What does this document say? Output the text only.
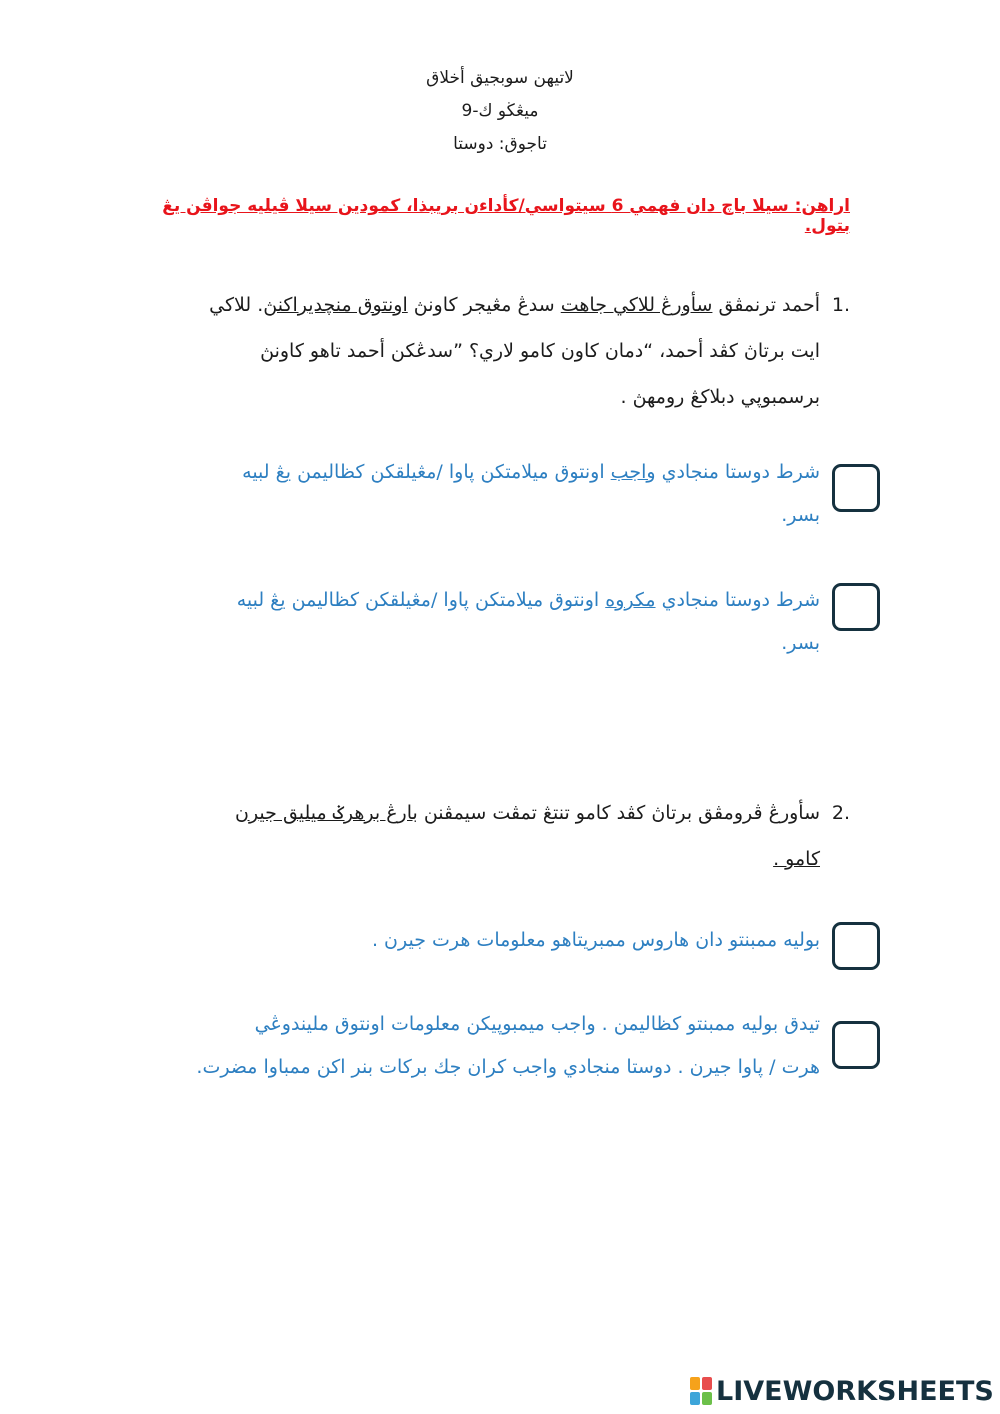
لاتيهن سوبجيق أخلاق
ميڠڬو ك-9
تاجوق: دوستا
اراهن: سيلا باچ دان فهمي 6 سيتواسي/كأداءن بريبذا، كمودين سيلا ڤيليه جواڤن يڠ بتول.
1.
أحمد ترنمڤق سأورڠ للاكي جاهت سدڠ مڠيجر كاونڽ اونتوق منچديراكنڽ. للاكي
ايت برتاڽ كڤد أحمد، “دمان كاون كامو لاري؟ ”سدڠكن أحمد تاهو كاونڽ
برسمبوڽي دبلاكڠ رومهڽ .
شرط دوستا منجادي واجب اونتوق ميلامتكن ڽاوا /مڠيلقكن كظاليمن يڠ لبيه
بسر.
شرط دوستا منجادي مكروه اونتوق ميلامتكن ڽاوا /مڠيلقكن كظاليمن يڠ لبيه
بسر.
2.
سأورڠ ڤرومڤق برتاڽ كڤد كامو تنتڠ تمڤت سيمڤنن بارڠ برهرݢ ميليق جيرن
كامو .
بوليه ممبنتو دان هاروس ممبريتاهو معلومات هرت جيرن .
تيدق بوليه ممبنتو كظاليمن . واجب ميمبوڽيكن معلومات اونتوق مليندوڠي
هرت / ڽاوا جيرن . دوستا منجادي واجب كران جك بركات بنر اكن ممباوا مضرت.
LIVEWORKSHEETS
